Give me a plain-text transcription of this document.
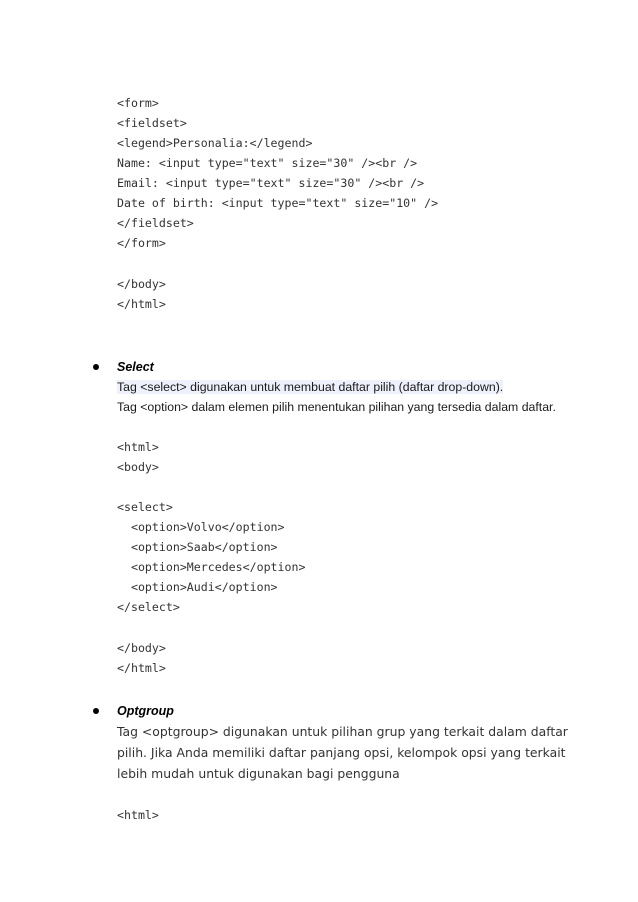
<form>
<fieldset>
<legend>Personalia:</legend>
Name: <input type="text" size="30" /><br />
Email: <input type="text" size="30" /><br />
Date of birth: <input type="text" size="10" />
</fieldset>
</form>
</body>
</html>
Select
Tag <select> digunakan untuk membuat daftar pilih (daftar drop-down).
Tag <option> dalam elemen pilih menentukan pilihan yang tersedia dalam daftar.
<html>
<body>
<select>
<option>Volvo</option>
<option>Saab</option>
<option>Mercedes</option>
<option>Audi</option>
</select>
</body>
</html>
Optgroup
Tag <optgroup> digunakan untuk pilihan grup yang terkait dalam daftar
pilih. Jika Anda memiliki daftar panjang opsi, kelompok opsi yang terkait
lebih mudah untuk digunakan bagi pengguna
<html>
